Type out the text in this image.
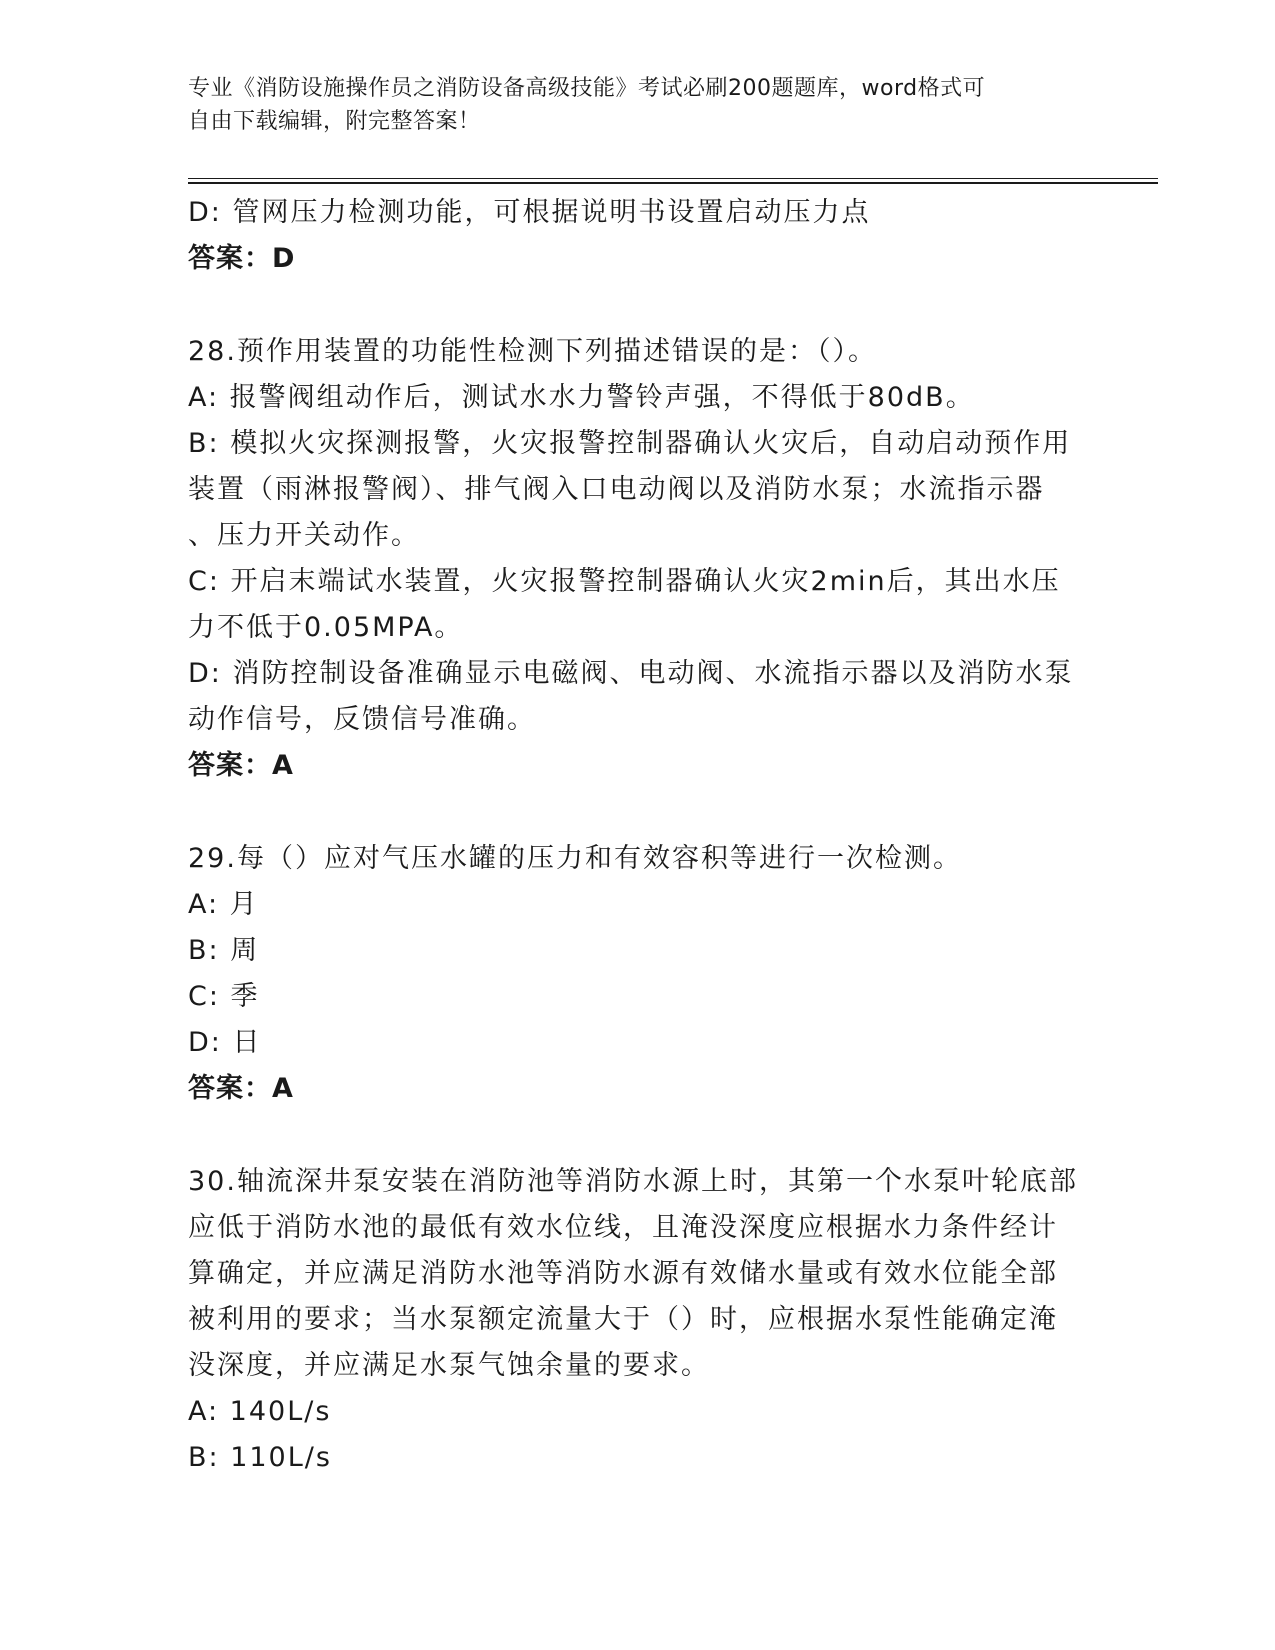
专业《消防设施操作员之消防设备高级技能》考试必刷200题题库，word格式可
自由下载编辑，附完整答案！

D: 管网压力检测功能，可根据说明书设置启动压力点

答案：D

28.预作用装置的功能性检测下列描述错误的是：（）。

A: 报警阀组动作后，测试水水力警铃声强，不得低于80dB。

B: 模拟火灾探测报警，火灾报警控制器确认火灾后，自动启动预作用

装置（雨淋报警阀）、排气阀入口电动阀以及消防水泵；水流指示器

、压力开关动作。

C: 开启末端试水装置，火灾报警控制器确认火灾2min后，其出水压

力不低于0.05MPA。

D: 消防控制设备准确显示电磁阀、电动阀、水流指示器以及消防水泵

动作信号，反馈信号准确。

答案：A

29.每（）应对气压水罐的压力和有效容积等进行一次检测。

A: 月

B: 周

C: 季

D: 日

答案：A

30.轴流深井泵安装在消防池等消防水源上时，其第一个水泵叶轮底部

应低于消防水池的最低有效水位线，且淹没深度应根据水力条件经计

算确定，并应满足消防水池等消防水源有效储水量或有效水位能全部

被利用的要求；当水泵额定流量大于（）时，应根据水泵性能确定淹

没深度，并应满足水泵气蚀余量的要求。

A: 140L/s

B: 110L/s
